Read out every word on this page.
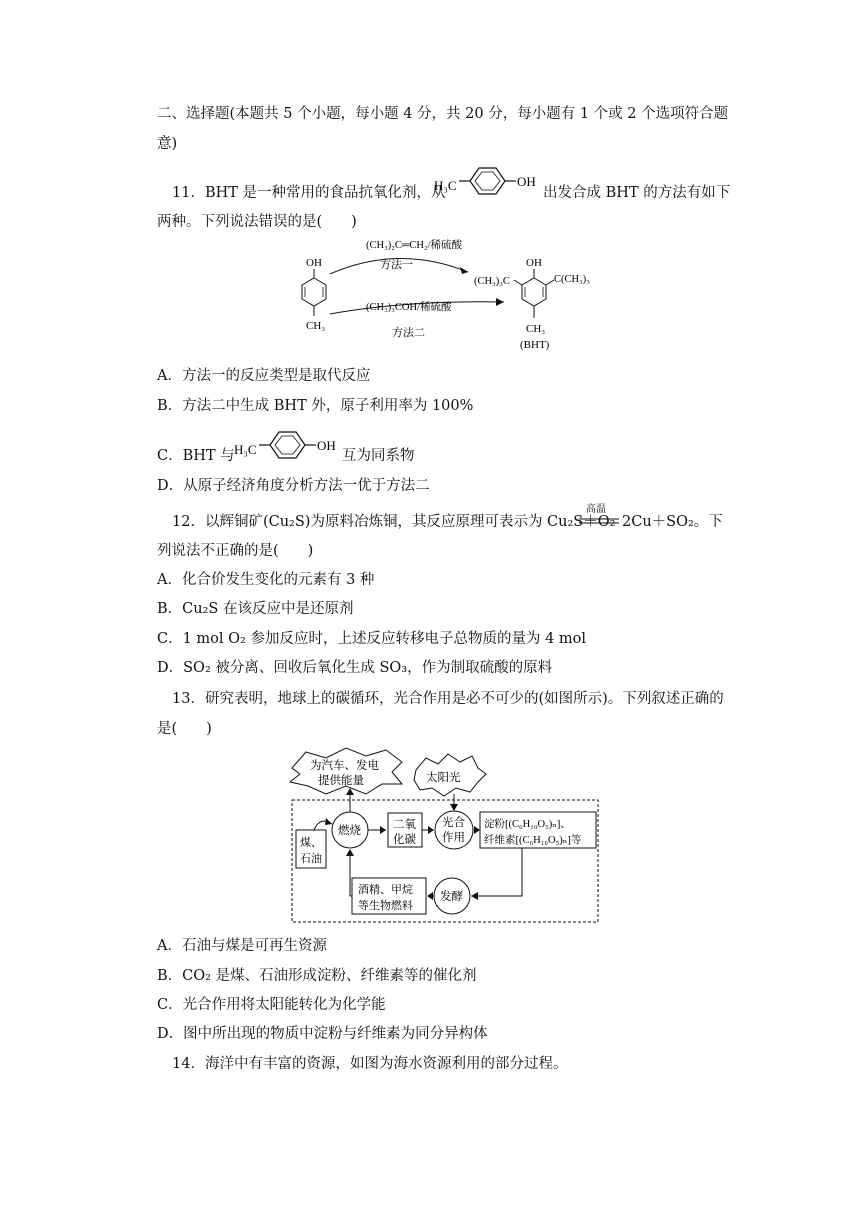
二、选择题(本题共 5 个小题，每小题 4 分，共 20 分，每小题有 1 个或 2 个选项符合题
意)
11．BHT 是一种常用的食品抗氧化剂，从
H₃C	OH
出发合成 BHT 的方法有如下
两种。下列说法错误的是(　　)
OH
CH₃
(CH₃)₂C═CH₂/稀硫酸
方法一
(CH₃)₃COH/稀硫酸
方法二
OH
(CH₃)₃C	C(CH₃)₃
CH₃
(BHT)
A．方法一的反应类型是取代反应
B．方法二中生成 BHT 外，原子利用率为 100%
C．BHT 与 H₃C	OH
互为同系物
D．从原子经济角度分析方法一优于方法二
12．以辉铜矿(Cu₂S)为原料冶炼铜，其反应原理可表示为 Cu₂S＋O₂
高温
2Cu＋SO₂。下
列说法不正确的是(　　)
A．化合价发生变化的元素有 3 种
B．Cu₂S 在该反应中是还原剂
C．1 mol O₂ 参加反应时，上述反应转移电子总物质的量为 4 mol
D．SO₂ 被分离、回收后氧化生成 SO₃，作为制取硫酸的原料
13．研究表明，地球上的碳循环，光合作用是必不可少的(如图所示)。下列叙述正确的
是(　　)
为汽车、发电
提供能量	太阳光
煤、
石油
燃烧	二氧
化碳
光合
作用
淀粉[(C₆H₁₀O₅)ₙ]、
纤维素[(C₆H₁₀O₅)ₙ]等
发酵
酒精、甲烷
等生物燃料
A．石油与煤是可再生资源
B．CO₂ 是煤、石油形成淀粉、纤维素等的催化剂
C．光合作用将太阳能转化为化学能
D．图中所出现的物质中淀粉与纤维素为同分异构体
14．海洋中有丰富的资源，如图为海水资源利用的部分过程。
